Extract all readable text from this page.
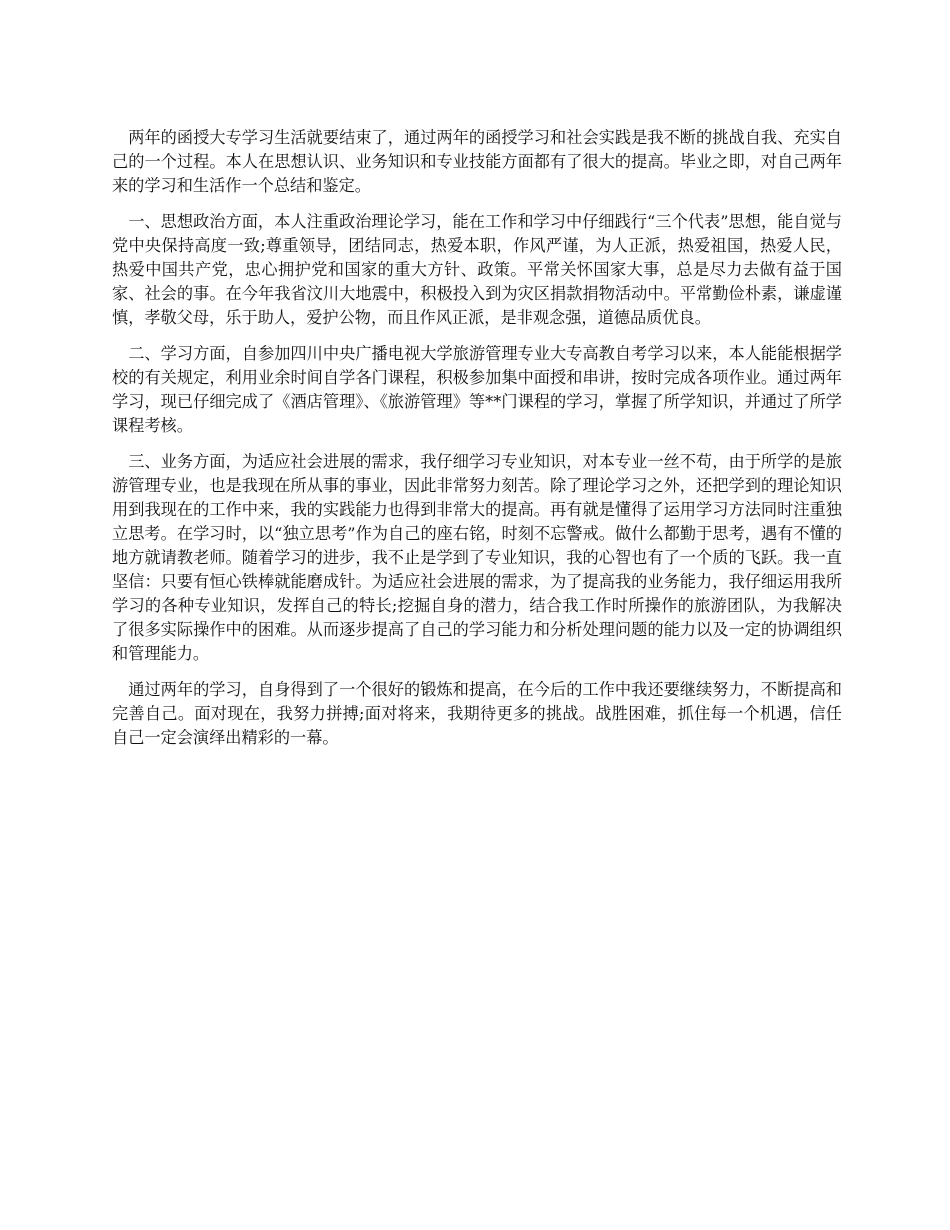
两年的函授大专学习生活就要结束了，通过两年的函授学习和社会实践是我不断的挑战自我、充实自己的一个过程。本人在思想认识、业务知识和专业技能方面都有了很大的提高。毕业之即，对自己两年来的学习和生活作一个总结和鉴定。

一、思想政治方面，本人注重政治理论学习，能在工作和学习中仔细践行“三个代表”思想，能自觉与党中央保持高度一致;尊重领导，团结同志，热爱本职，作风严谨，为人正派，热爱祖国，热爱人民，热爱中国共产党，忠心拥护党和国家的重大方针、政策。平常关怀国家大事，总是尽力去做有益于国家、社会的事。在今年我省汶川大地震中，积极投入到为灾区捐款捐物活动中。平常勤俭朴素，谦虚谨慎，孝敬父母，乐于助人，爱护公物，而且作风正派，是非观念强，道德品质优良。

二、学习方面，自参加四川中央广播电视大学旅游管理专业大专高教自考学习以来，本人能能根据学校的有关规定，利用业余时间自学各门课程，积极参加集中面授和串讲，按时完成各项作业。通过两年学习，现已仔细完成了《酒店管理》、《旅游管理》等**门课程的学习，掌握了所学知识，并通过了所学课程考核。

三、业务方面，为适应社会进展的需求，我仔细学习专业知识，对本专业一丝不苟，由于所学的是旅游管理专业，也是我现在所从事的事业，因此非常努力刻苦。除了理论学习之外，还把学到的理论知识用到我现在的工作中来，我的实践能力也得到非常大的提高。再有就是懂得了运用学习方法同时注重独立思考。在学习时，以“独立思考”作为自己的座右铭，时刻不忘警戒。做什么都勤于思考，遇有不懂的地方就请教老师。随着学习的进步，我不止是学到了专业知识，我的心智也有了一个质的飞跃。我一直坚信：只要有恒心铁棒就能磨成针。为适应社会进展的需求，为了提高我的业务能力，我仔细运用我所学习的各种专业知识，发挥自己的特长;挖掘自身的潜力，结合我工作时所操作的旅游团队，为我解决了很多实际操作中的困难。从而逐步提高了自己的学习能力和分析处理问题的能力以及一定的协调组织和管理能力。

通过两年的学习，自身得到了一个很好的锻炼和提高，在今后的工作中我还要继续努力，不断提高和完善自己。面对现在，我努力拼搏;面对将来，我期待更多的挑战。战胜困难，抓住每一个机遇，信任自己一定会演绎出精彩的一幕。
